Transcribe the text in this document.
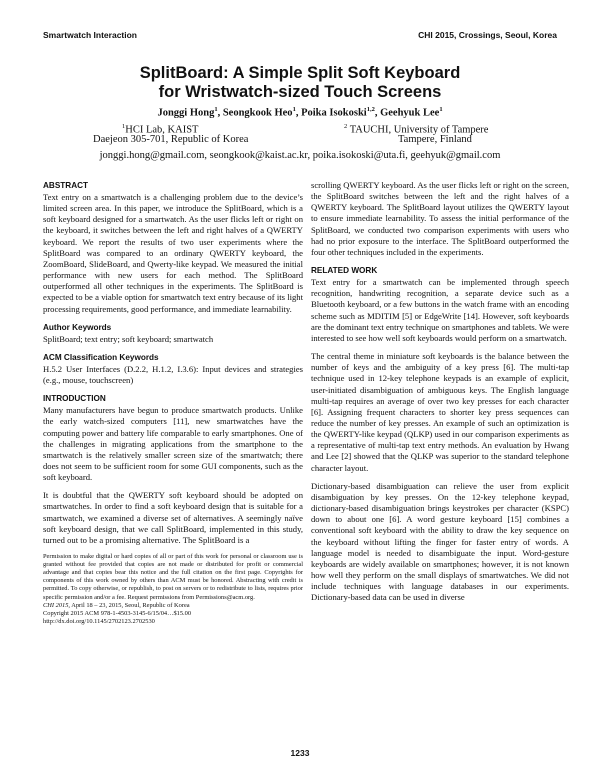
Smartwatch Interaction	CHI 2015, Crossings, Seoul, Korea
SplitBoard: A Simple Split Soft Keyboard
for Wristwatch-sized Touch Screens
Jonggi Hong$^1$, Seongkook Heo$^1$, Poika Isokoski$^{1,2}$, Geehyuk Lee$^1$
$^1$HCI Lab, KAIST
Daejeon 305-701, Republic of Korea
$^2$ TAUCHI, University of Tampere
Tampere, Finland
jonggi.hong@gmail.com, seongkook@kaist.ac.kr, poika.isokoski@uta.fi, geehyuk@gmail.com
ABSTRACT

Text entry on a smartwatch is a challenging problem due to the device’s limited screen area. In this paper, we introduce the SplitBoard, which is a soft keyboard designed for a smartwatch. As the user flicks left or right on the keyboard, it switches between the left and right halves of a QWERTY keyboard. We report the results of two user experiments where the SplitBoard was compared to an ordinary QWERTY keyboard, the ZoomBoard, SlideBoard, and Qwerty-like keypad. We measured the initial performance with new users for each method. The SplitBoard outperformed all other techniques in the experiments. The SplitBoard is expected to be a viable option for smartwatch text entry because of its light processing requirements, good performance, and immediate learnability.

Author Keywords

SplitBoard; text entry; soft keyboard; smartwatch

ACM Classification Keywords

H.5.2 User Interfaces (D.2.2, H.1.2, I.3.6): Input devices and strategies (e.g., mouse, touchscreen)

INTRODUCTION

Many manufacturers have begun to produce smartwatch products. Unlike the early watch-sized computers [11], new smartwatches have the computing power and battery life comparable to early smartphones. One of the challenges in migrating applications from the smartphone to the smartwatch is the relatively smaller screen size of the smartwatch; there does not seem to be sufficient room for some GUI components, such as the soft keyboard.

It is doubtful that the QWERTY soft keyboard should be adopted on smartwatches. In order to find a soft keyboard design that is suitable for a smartwatch, we examined a diverse set of alternatives. A seemingly naïve soft keyboard design, that we call SplitBoard, implemented in this study, turned out to be a promising alternative. The SplitBoard is a

Permission to make digital or hard copies of all or part of this work for personal or classroom use is granted without fee provided that copies are not made or distributed for profit or commercial advantage and that copies bear this notice and the full citation on the first page. Copyrights for components of this work owned by others than ACM must be honored. Abstracting with credit is permitted. To copy otherwise, or republish, to post on servers or to redistribute to lists, requires prior specific permission and/or a fee. Request permissions from Permissions@acm.org.

CHI 2015, April 18 – 23, 2015, Seoul, Republic of Korea
Copyright 2015 ACM 978-1-4503-3145-6/15/04…$15.00
http://dx.doi.org/10.1145/2702123.2702530

scrolling QWERTY keyboard. As the user flicks left or right on the screen, the SplitBoard switches between the left and the right halves of a QWERTY keyboard. The SplitBoard layout utilizes the QWERTY layout to ensure immediate learnability. To assess the initial performance of the SplitBoard, we conducted two comparison experiments with users who had no prior exposure to the interface. The SplitBoard outperformed the four other techniques included in the experiments.

RELATED WORK

Text entry for a smartwatch can be implemented through speech recognition, handwriting recognition, a separate device such as a Bluetooth keyboard, or a few buttons in the watch frame with an encoding scheme such as MDITIM [5] or EdgeWrite [14]. However, soft keyboards are the dominant text entry technique on smartphones and tablets. We were interested to see how well soft keyboards would perform on a smartwatch.

The central theme in miniature soft keyboards is the balance between the number of keys and the ambiguity of a key press [6]. The multi-tap technique used in 12-key telephone keypads is an example of explicit, user-initiated disambiguation of ambiguous keys. The English language multi-tap requires an average of over two key presses for each character [6]. Assigning frequent characters to shorter key press sequences can reduce the number of key presses. An example of such an optimization is the QWERTY-like keypad (QLKP) used in our comparison experiments as a representative of multi-tap text entry methods. An evaluation by Hwang and Lee [2] showed that the QLKP was superior to the standard telephone character layout.

Dictionary-based disambiguation can relieve the user from explicit disambiguation by key presses. On the 12-key telephone keypad, dictionary-based disambiguation brings keystrokes per character (KSPC) down to about one [6]. A word gesture keyboard [15] combines a conventional soft keyboard with the ability to draw the key sequence on the keyboard without lifting the finger for faster entry of words. A language model is needed to disambiguate the input. Word-gesture keyboards are widely available on smartphones; however, it is not known how well they perform on the small displays of smartwatches. We did not include techniques with language databases in our experiments. Dictionary-based data can be used in diverse

1233
